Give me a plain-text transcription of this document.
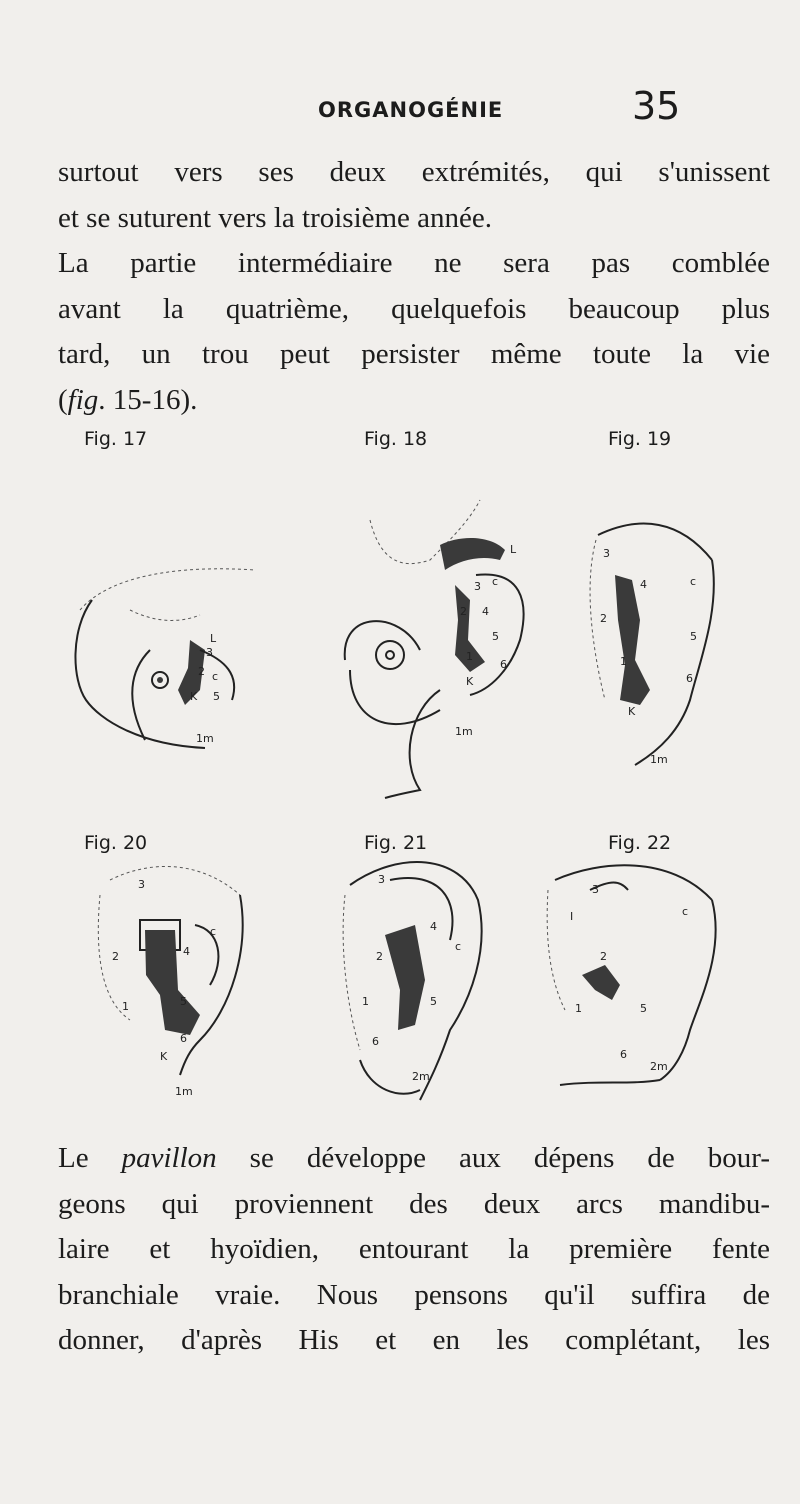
ORGANOGÉNIE	35
surtout vers ses deux extrémités, qui s'unissent
et se suturent vers la troisième année.
La partie intermédiaire ne sera pas comblée
avant la quatrième, quelquefois beaucoup plus
tard, un trou peut persister même toute la vie
(fig. 15-16).
Fig. 17	Fig. 18	Fig. 19
Fig. 20	Fig. 21	Fig. 22
L
3
2 c
K 5
1m
L
3 c
2 4
5
1
6
K
1m
3
4	c
2
5
1
6
K
1m
3
c
4
2
5
1
6
K
1m
3
4
c
2
1	5
6
2m
3
I	c
2
1	5
6
2m
Le pavillon se développe aux dépens de bour-
geons qui proviennent des deux arcs mandibu-
laire et hyoïdien, entourant la première fente
branchiale vraie. Nous pensons qu'il suffira de
donner, d'après His et en les complétant, les
